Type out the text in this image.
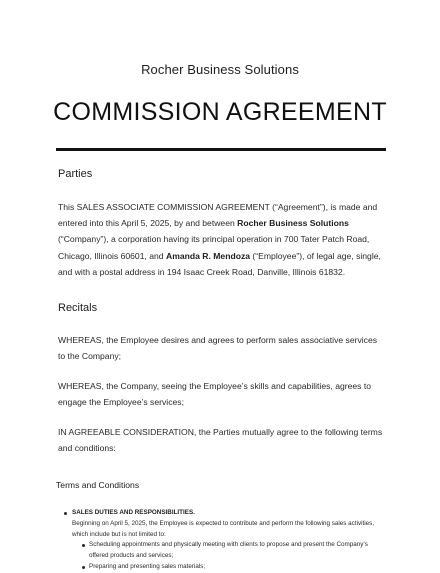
Rocher Business Solutions
COMMISSION AGREEMENT
Parties
This SALES ASSOCIATE COMMISSION AGREEMENT (“Agreement”), is made and entered into this April 5, 2025, by and between Rocher Business Solutions (“Company”), a corporation having its principal operation in 700 Tater Patch Road, Chicago, Illinois 60601, and Amanda R. Mendoza (“Employee”), of legal age, single, and with a postal address in 194 Isaac Creek Road, Danville, Illinois 61832.
Recitals
WHEREAS, the Employee desires and agrees to perform sales associative services to the Company;
WHEREAS, the Company, seeing the Employee’s skills and capabilities, agrees to engage the Employee’s services;
IN AGREEABLE CONSIDERATION, the Parties mutually agree to the following terms and conditions:
Terms and Conditions
SALES DUTIES AND RESPONSIBILITIES.
Beginning on April 5, 2025, the Employee is expected to contribute and perform the following sales activities, which include but is not limited to:
Scheduling appointments and physically meeting with clients to propose and present the Company’s offered products and services;
Preparing and presenting sales materials;
